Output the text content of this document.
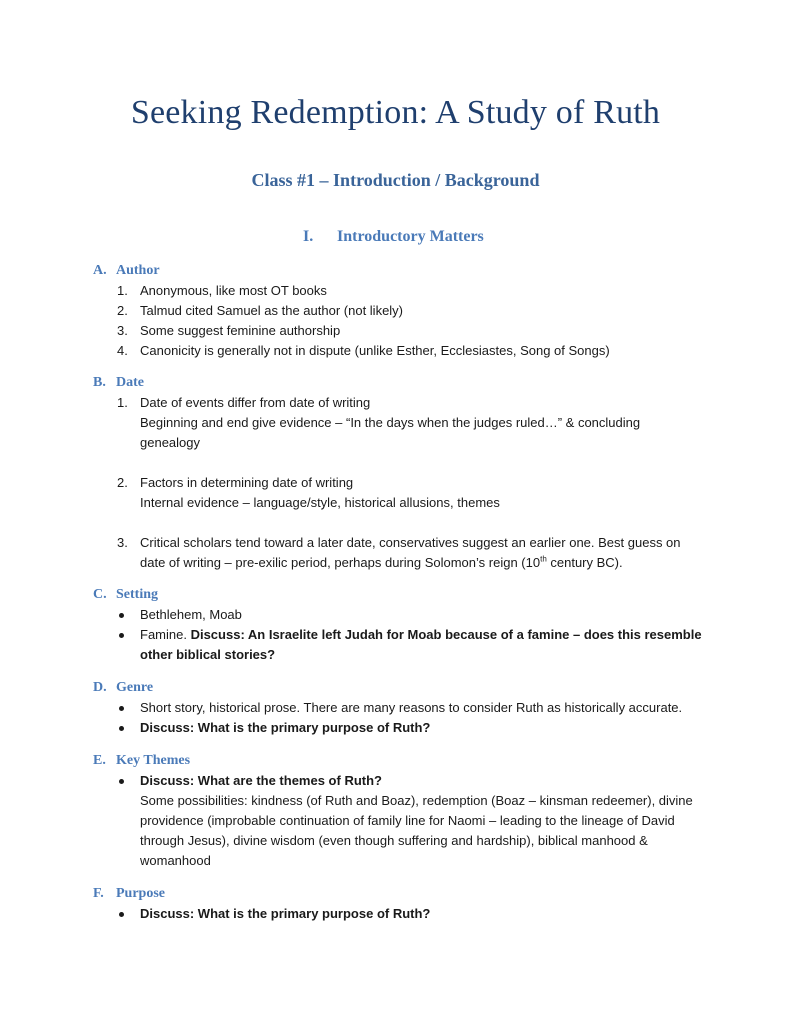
Seeking Redemption: A Study of Ruth
Class #1 – Introduction / Background
I. Introductory Matters
A. Author
1. Anonymous, like most OT books
2. Talmud cited Samuel as the author (not likely)
3. Some suggest feminine authorship
4. Canonicity is generally not in dispute (unlike Esther, Ecclesiastes, Song of Songs)
B. Date
1. Date of events differ from date of writing
Beginning and end give evidence – “In the days when the judges ruled…” & concluding
genealogy
2. Factors in determining date of writing
Internal evidence – language/style, historical allusions, themes
3. Critical scholars tend toward a later date, conservatives suggest an earlier one. Best guess on
date of writing – pre-exilic period, perhaps during Solomon’s reign (10th century BC).
C. Setting
Bethlehem, Moab
Famine. Discuss: An Israelite left Judah for Moab because of a famine – does this resemble
other biblical stories?
D. Genre
Short story, historical prose. There are many reasons to consider Ruth as historically accurate.
Discuss: What is the primary purpose of Ruth?
E. Key Themes
Discuss: What are the themes of Ruth?
Some possibilities: kindness (of Ruth and Boaz), redemption (Boaz – kinsman redeemer), divine
providence (improbable continuation of family line for Naomi – leading to the lineage of David
through Jesus), divine wisdom (even though suffering and hardship), biblical manhood &
womanhood
F. Purpose
Discuss: What is the primary purpose of Ruth?
